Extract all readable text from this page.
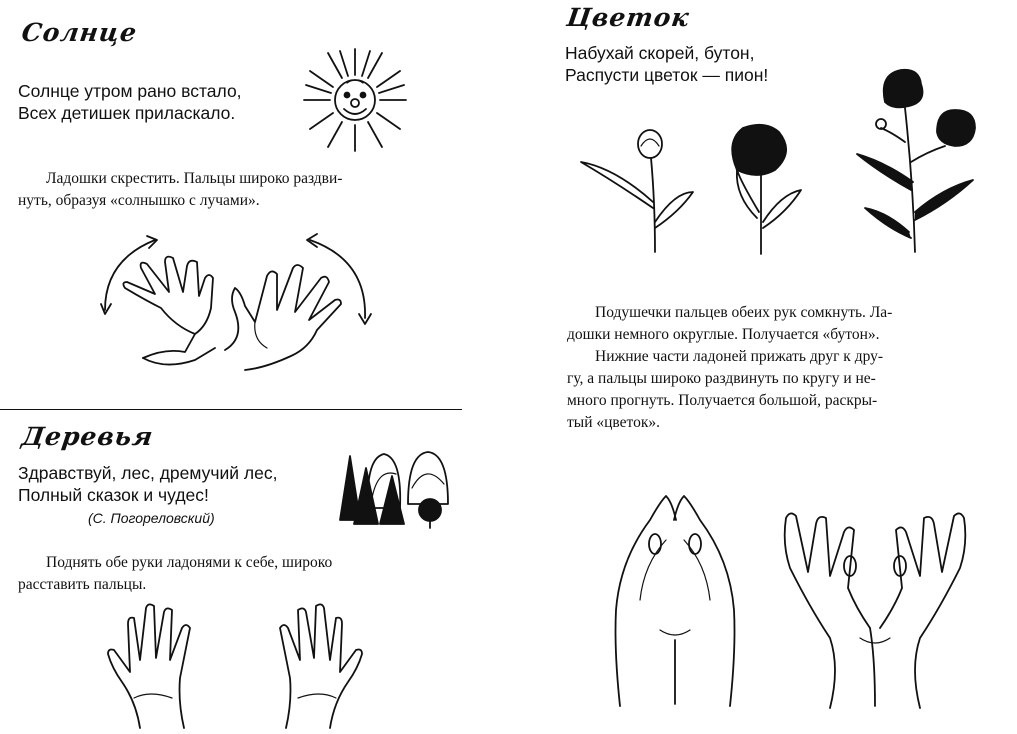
Солнце
Солнце утром рано встало,
Всех детишек приласкало.

Ладошки скрестить. Пальцы широко раздви-

нуть, образуя «солнышко с лучами».

Деревья
Здравствуй, лес, дремучий лес,
Полный сказок и чудес!
(С. Погореловский)

Поднять обе руки ладонями к себе, широко

расставить пальцы.

Цветок
Набухай скорей, бутон,
Распусти цветок — пион!

Подушечки пальцев обеих рук сомкнуть. Ла-

дошки немного округлые. Получается «бутон».

Нижние части ладоней прижать друг к дру-

гу, а пальцы широко раздвинуть по кругу и не-

много прогнуть. Получается большой, раскры-

тый «цветок».
